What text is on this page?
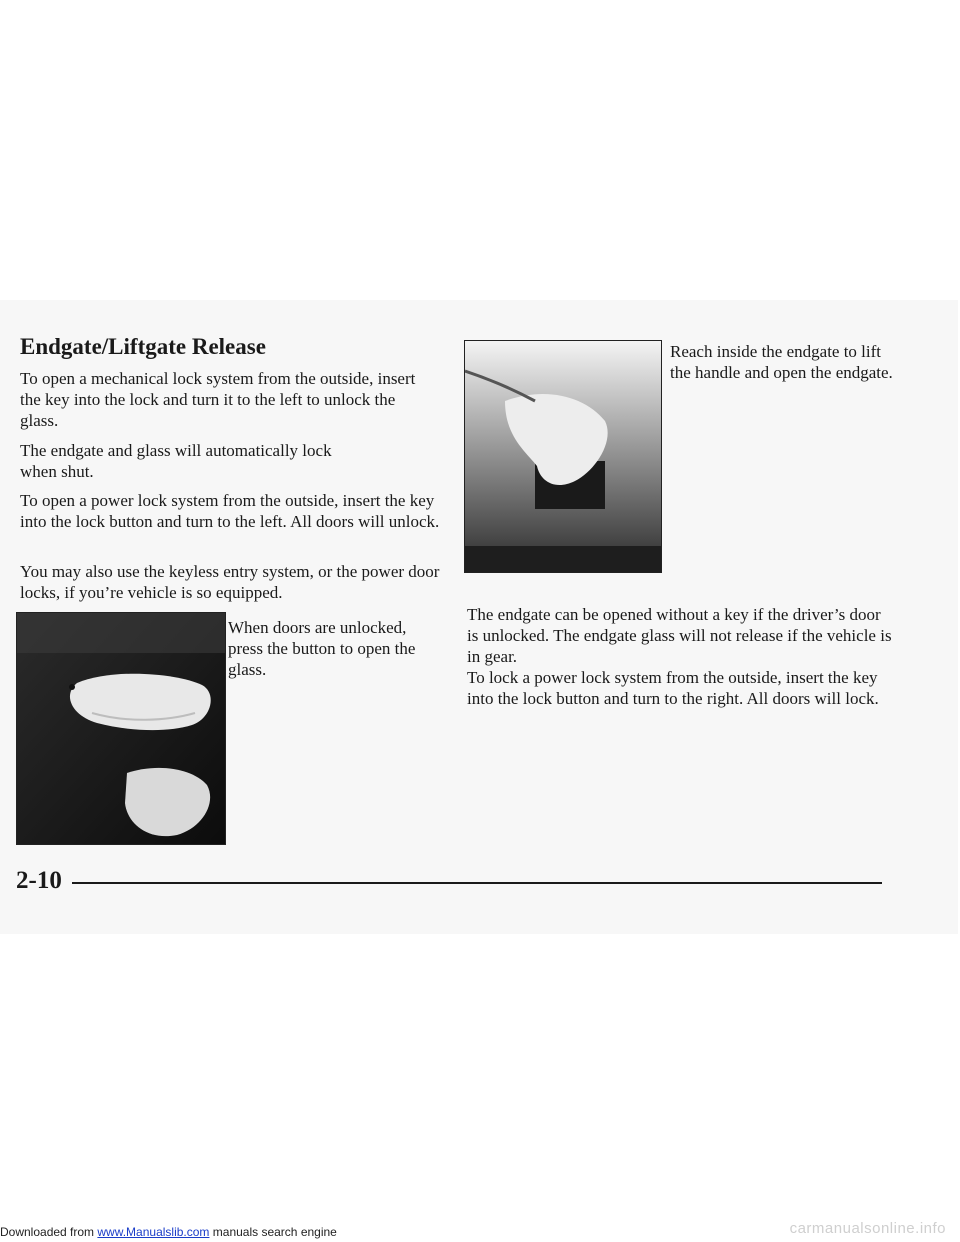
Endgate/Liftgate Release

To open a mechanical lock system from the outside, insert the key into the lock and turn it to the left to unlock the glass.

The endgate and glass will automatically lock when shut.

To open a power lock system from the outside, insert the key into the lock button and turn to the left. All doors will unlock.

You may also use the keyless entry system, or the power door locks, if you’re vehicle is so equipped.

When doors are unlocked, press the button to open the glass.

Reach inside the endgate to lift the handle and open the endgate.

The endgate can be opened without a key if the driver’s door is unlocked. The endgate glass will not release if the vehicle is in gear.

To lock a power lock system from the outside, insert the key into the lock button and turn to the right. All doors will lock.

2-10
Downloaded from www.Manualslib.com manuals search engine	carmanualsonline.info
